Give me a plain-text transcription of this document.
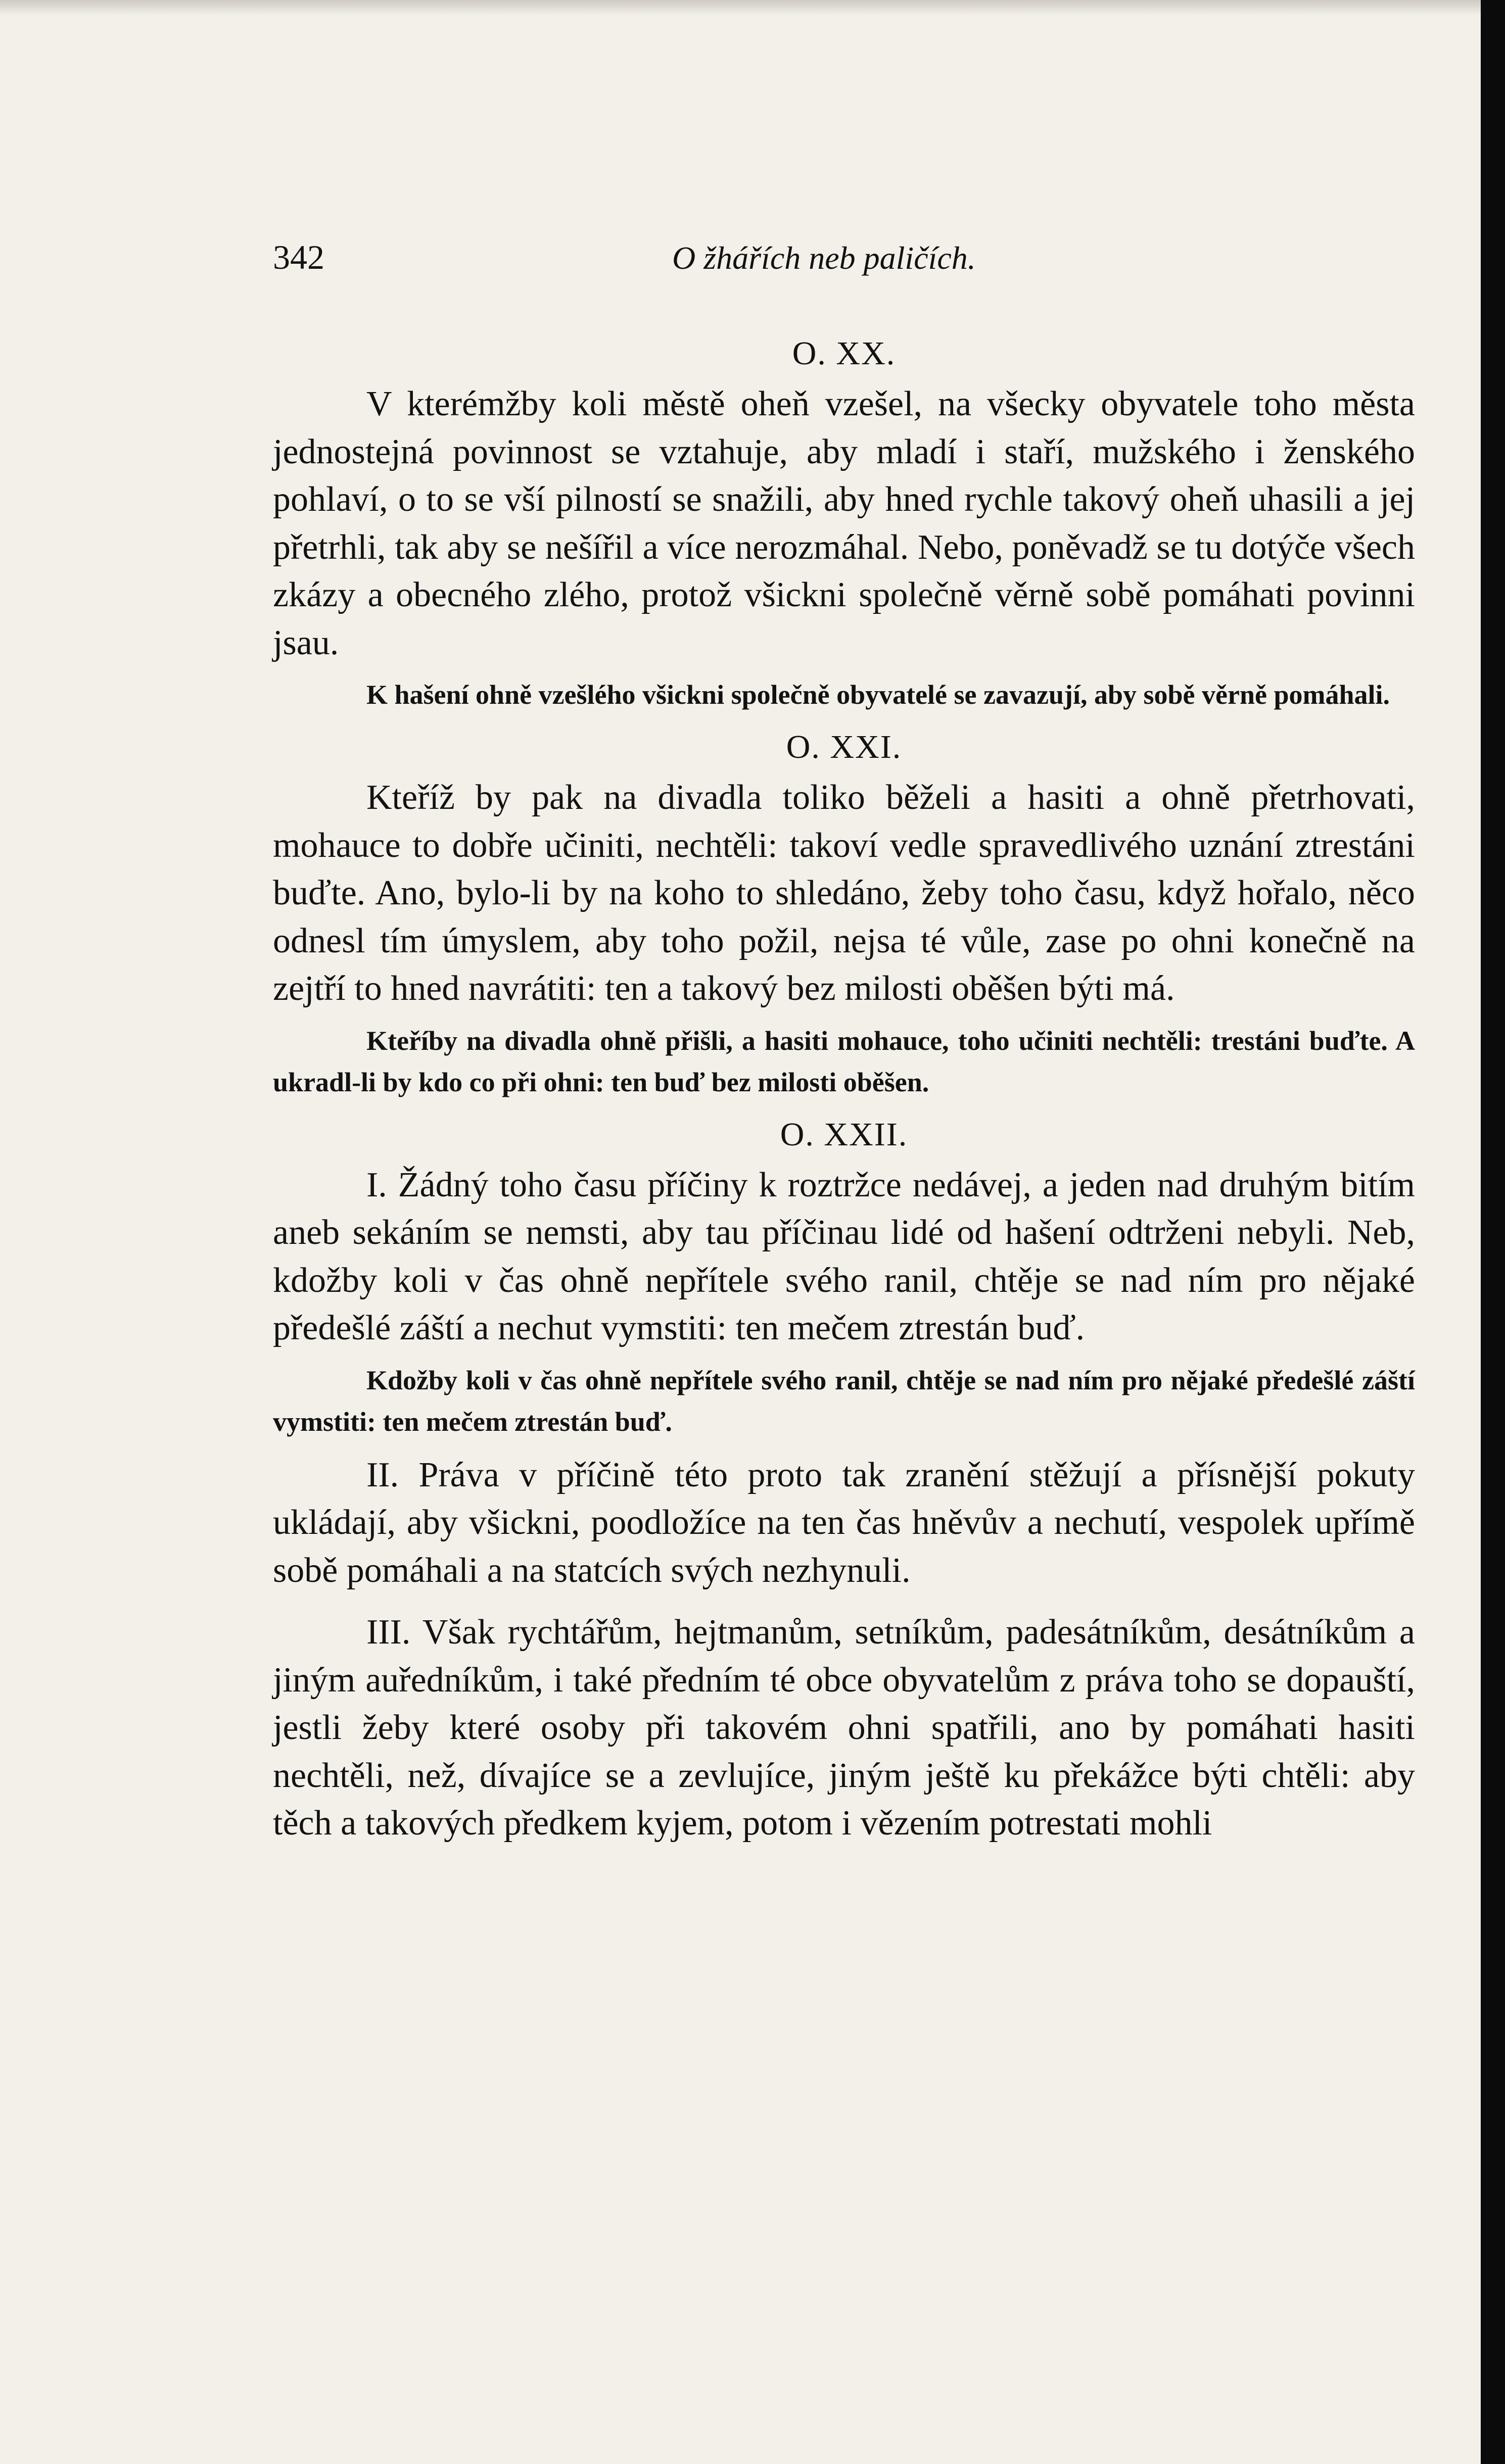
342	O žhářích neb paličích.
O. XX.

V kterémžby koli městě oheň vzešel, na všecky obyvatele toho města jednostejná povinnost se vztahuje, aby mladí i staří, mužského i ženského pohlaví, o to se vší pilností se snažili, aby hned rychle takový oheň uhasili a jej přetrhli, tak aby se nešířil a více nerozmáhal. Nebo, poněvadž se tu dotýče všech zkázy a obecného zlého, protož všickni společně věrně sobě pomáhati povinni jsau.

K hašení ohně vzešlého všickni společně obyvatelé se zavazují, aby sobě věrně pomáhali.

O. XXI.

Kteříž by pak na divadla toliko běželi a hasiti a ohně přetrhovati, mohauce to dobře učiniti, nechtěli: takoví vedle spravedlivého uznání ztrestáni buďte. Ano, bylo-li by na koho to shledáno, žeby toho času, když hořalo, něco odnesl tím úmyslem, aby toho požil, nejsa té vůle, zase po ohni konečně na zejtří to hned navrátiti: ten a takový bez milosti oběšen býti má.

Kteříby na divadla ohně přišli, a hasiti mohauce, toho učiniti nechtěli: trestáni buďte. A ukradl-li by kdo co při ohni: ten buď bez milosti oběšen.

O. XXII.

I. Žádný toho času příčiny k roztržce nedávej, a jeden nad druhým bitím aneb sekáním se nemsti, aby tau příčinau lidé od hašení odtrženi nebyli. Neb, kdožby koli v čas ohně nepřítele svého ranil, chtěje se nad ním pro nějaké předešlé záští a nechut vymstiti: ten mečem ztrestán buď.

Kdožby koli v čas ohně nepřítele svého ranil, chtěje se nad ním pro nějaké předešlé záští vymstiti: ten mečem ztrestán buď.

II. Práva v příčině této proto tak zranění stěžují a přísnější pokuty ukládají, aby všickni, poodložíce na ten čas hněvův a nechutí, vespolek upřímě sobě pomáhali a na statcích svých nezhynuli.

III. Však rychtářům, hejtmanům, setníkům, padesátníkům, desátníkům a jiným auředníkům, i také předním té obce obyvatelům z práva toho se dopauští, jestli žeby které osoby při takovém ohni spatřili, ano by pomáhati hasiti nechtěli, než, dívajíce se a zevlujíce, jiným ještě ku překážce býti chtěli: aby těch a takových předkem kyjem, potom i vězením potrestati mohli
